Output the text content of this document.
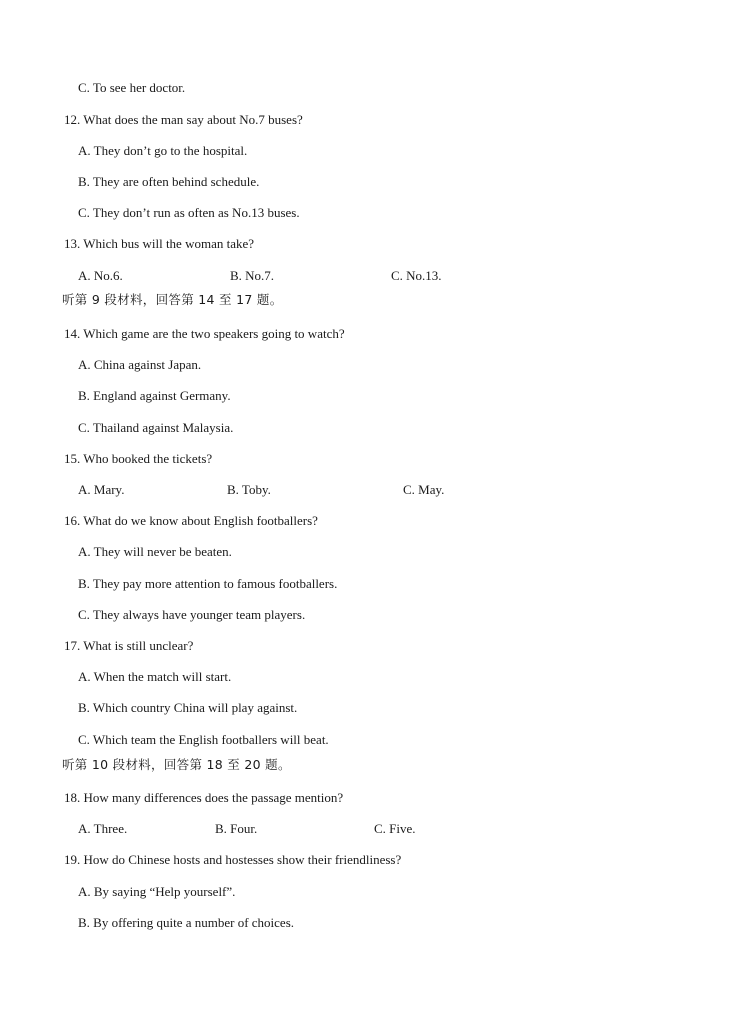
C. To see her doctor.
12. What does the man say about No.7 buses?
A. They don’t go to the hospital.
B. They are often behind schedule.
C. They don’t run as often as No.13 buses.
13. Which bus will the woman take?
A. No.6.	B. No.7.	C. No.13.
听第 9 段材料，回答第 14 至 17 题。
14. Which game are the two speakers going to watch?
A. China against Japan.
B. England against Germany.
C. Thailand against Malaysia.
15. Who booked the tickets?
A. Mary.	B. Toby.	C. May.
16. What do we know about English footballers?
A. They will never be beaten.
B. They pay more attention to famous footballers.
C. They always have younger team players.
17. What is still unclear?
A. When the match will start.
B. Which country China will play against.
C. Which team the English footballers will beat.
听第 10 段材料，回答第 18 至 20 题。
18. How many differences does the passage mention?
A. Three.	B. Four.	C. Five.
19. How do Chinese hosts and hostesses show their friendliness?
A. By saying “Help yourself”.
B. By offering quite a number of choices.
